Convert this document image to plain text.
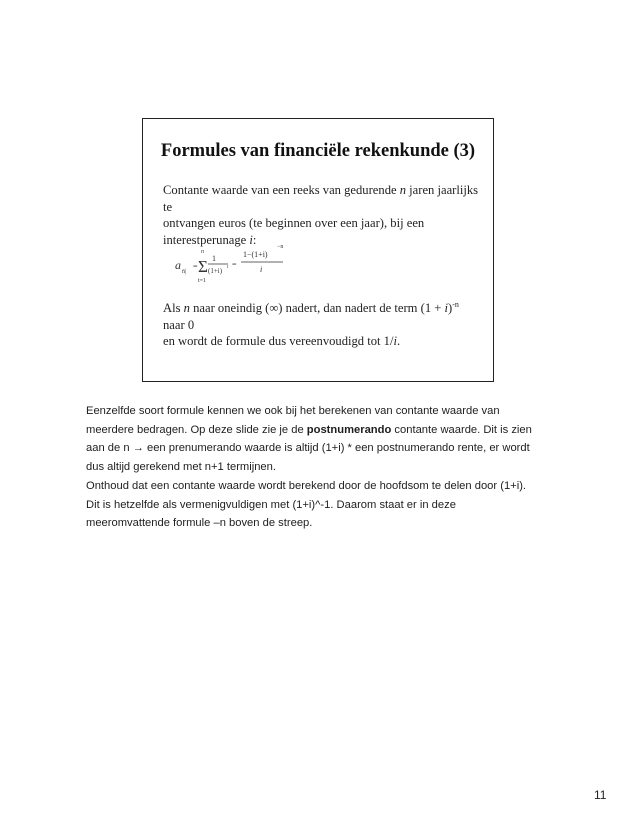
Formules van financiële rekenkunde (3)
Contante waarde van een reeks van gedurende n jaren jaarlijks te
ontvangen euros (te beginnen over een jaar), bij een
interestperunage i:
a n̄|
=
n
Σ
t=1
1
(1+i) t =
1−(1+i)
−n
i
Als n naar oneindig (∞) nadert, dan nadert de term $(1 + i)^{-n}$ naar 0
en wordt de formule dus vereenvoudigd tot 1/i.
Eenzelfde soort formule kennen we ook bij het berekenen van contante waarde van
meerdere bedragen. Op deze slide zie je de postnumerando contante waarde. Dit is zien
aan de n → een prenumerando waarde is altijd (1+i) * een postnumerando rente, er wordt
dus altijd gerekend met n+1 termijnen.
Onthoud dat een contante waarde wordt berekend door de hoofdsom te delen door (1+i).
Dit is hetzelfde als vermenigvuldigen met (1+i)^-1. Daarom staat er in deze
meeromvattende formule –n boven de streep.
11
